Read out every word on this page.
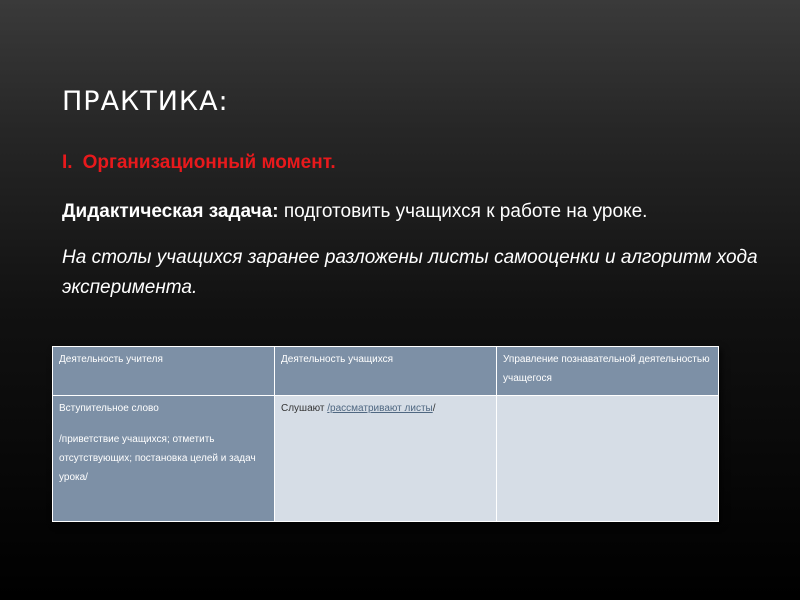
ПРАКТИКА:
I. Организационный момент.

Дидактическая задача: подготовить учащихся к работе на уроке.

На столы учащихся заранее разложены листы самооценки и алгоритм хода эксперимента.

Деятельность учителя	Деятельность учащихся	Управление познавательной деятельностью учащегося

Вступительное слово
/приветствие учащихся; отметить отсутствующих; постановка целей и задач урока/	Слушают /рассматривают листы/	
